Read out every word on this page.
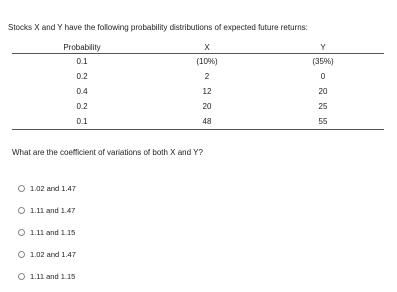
Stocks X and Y have the following probability distributions of expected future returns:
Probability	X	Y
0.1	(10%)	(35%)
0.2	2	0
0.4	12	20
0.2	20	25
0.1	48	55
What are the coefficient of variations of both X and Y?
1.02 and 1.47
1.11 and 1.47
1.11 and 1.15
1.02 and 1.47
1.11 and 1.15
